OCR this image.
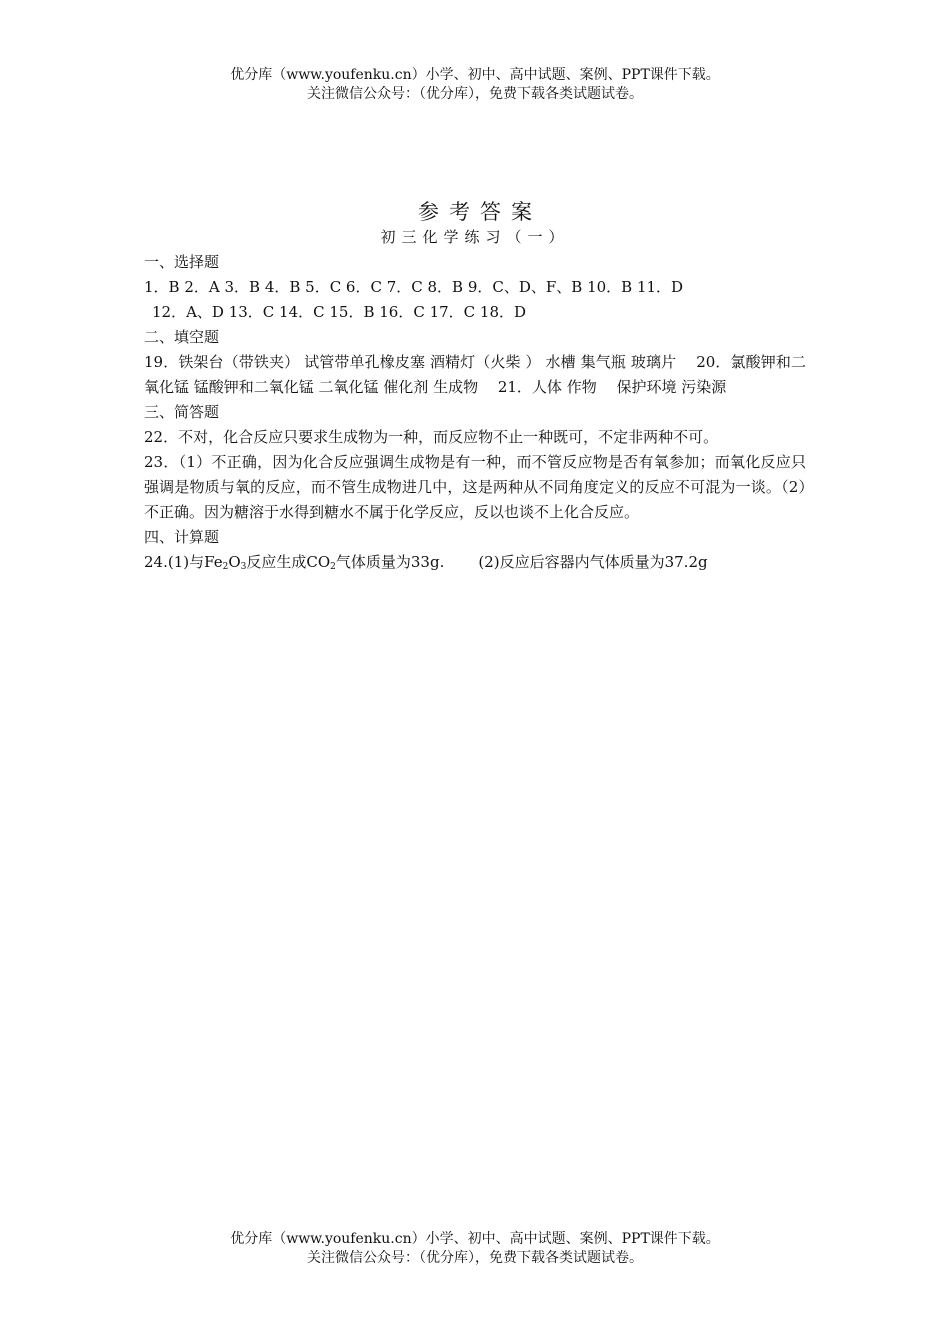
优分库（www.youfenku.cn）小学、初中、高中试题、案例、PPT课件下载。
关注微信公众号：（优分库），免费下载各类试题试卷。
参考答案
初三化学练习（一）
一、选择题
1．B 2．A 3．B 4．B 5．C 6．C 7．C 8．B 9．C、D、F、B 10．B 11．D
12．A、D 13．C 14．C 15．B 16．C 17．C 18．D
二、填空题
19．铁架台（带铁夹） 试管带单孔橡皮塞 酒精灯（火柴 ） 水槽 集气瓶 玻璃片 　20．氯酸钾和二氧化锰 锰酸钾和二氧化锰 二氧化锰 催化剂 生成物 　21．人体 作物 　保护环境 污染源
三、简答题
22．不对，化合反应只要求生成物为一种，而反应物不止一种既可，不定非两种不可。
23．（1）不正确，因为化合反应强调生成物是有一种，而不管反应物是否有氧参加；而氧化反应只强调是物质与氧的反应，而不管生成物进几中，这是两种从不同角度定义的反应不可混为一谈。（2）不正确。因为糖溶于水得到糖水不属于化学反应，反以也谈不上化合反应。
四、计算题
24.(1)与$Fe_2O_3$反应生成$CO_2$气体质量为33g. (2)反应后容器内气体质量为37.2g
优分库（www.youfenku.cn）小学、初中、高中试题、案例、PPT课件下载。
关注微信公众号：（优分库），免费下载各类试题试卷。
